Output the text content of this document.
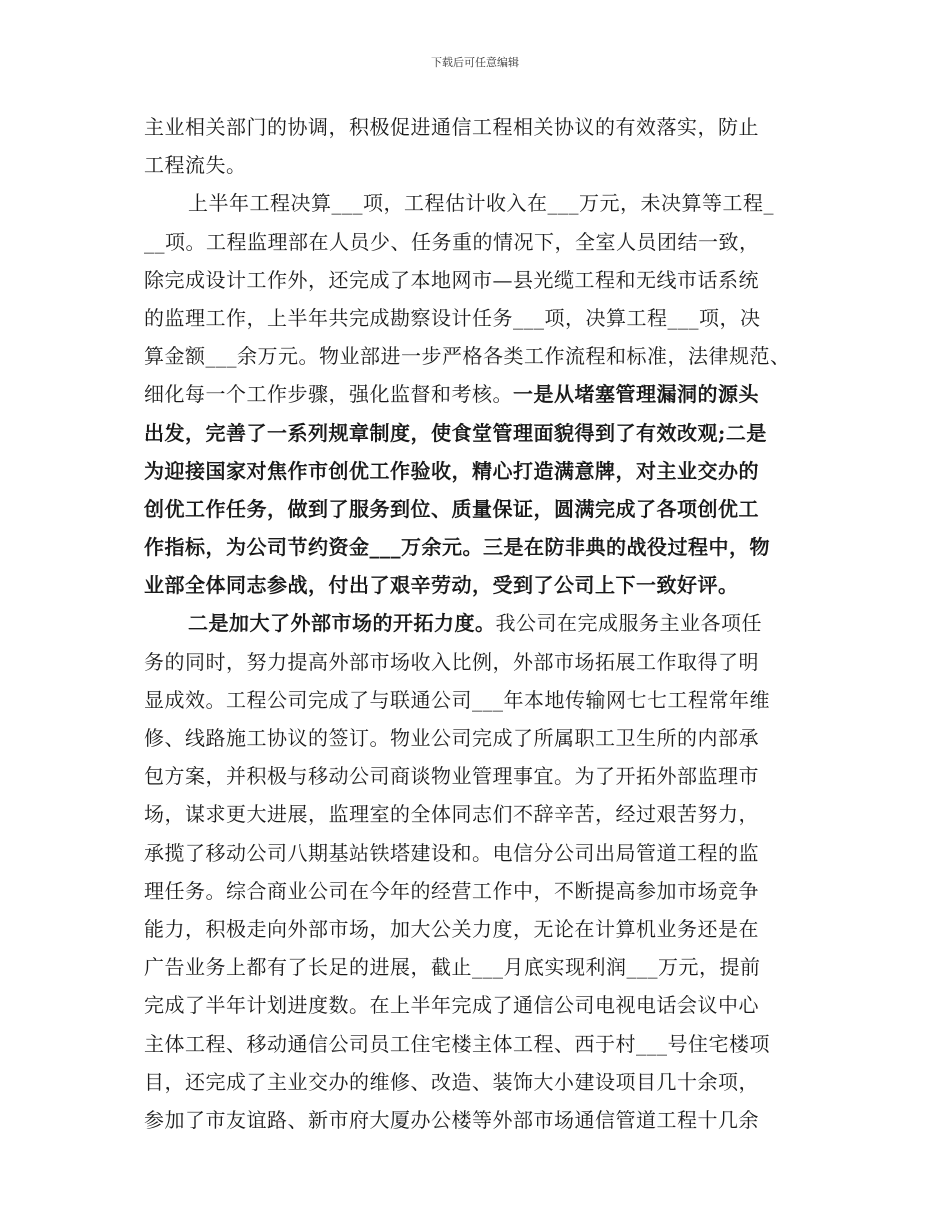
下载后可任意编辑
主业相关部门的协调，积极促进通信工程相关协议的有效落实，防止
工程流失。
上半年工程决算___项，工程估计收入在___万元，未决算等工程_
__项。工程监理部在人员少、任务重的情况下，全室人员团结一致，
除完成设计工作外，还完成了本地网市—县光缆工程和无线市话系统
的监理工作，上半年共完成勘察设计任务___项，决算工程___项，决
算金额___余万元。物业部进一步严格各类工作流程和标准，法律规范、
细化每一个工作步骤，强化监督和考核。一是从堵塞管理漏洞的源头
出发，完善了一系列规章制度，使食堂管理面貌得到了有效改观;二是
为迎接国家对焦作市创优工作验收，精心打造满意牌，对主业交办的
创优工作任务，做到了服务到位、质量保证，圆满完成了各项创优工
作指标，为公司节约资金___万余元。三是在防非典的战役过程中，物
业部全体同志参战，付出了艰辛劳动，受到了公司上下一致好评。
二是加大了外部市场的开拓力度。我公司在完成服务主业各项任
务的同时，努力提高外部市场收入比例，外部市场拓展工作取得了明
显成效。工程公司完成了与联通公司___年本地传输网七七工程常年维
修、线路施工协议的签订。物业公司完成了所属职工卫生所的内部承
包方案，并积极与移动公司商谈物业管理事宜。为了开拓外部监理市
场，谋求更大进展，监理室的全体同志们不辞辛苦，经过艰苦努力，
承揽了移动公司八期基站铁塔建设和。电信分公司出局管道工程的监
理任务。综合商业公司在今年的经营工作中，不断提高参加市场竞争
能力，积极走向外部市场，加大公关力度，无论在计算机业务还是在
广告业务上都有了长足的进展，截止___月底实现利润___万元，提前
完成了半年计划进度数。在上半年完成了通信公司电视电话会议中心
主体工程、移动通信公司员工住宅楼主体工程、西于村___号住宅楼项
目，还完成了主业交办的维修、改造、装饰大小建设项目几十余项，
参加了市友谊路、新市府大厦办公楼等外部市场通信管道工程十几余
